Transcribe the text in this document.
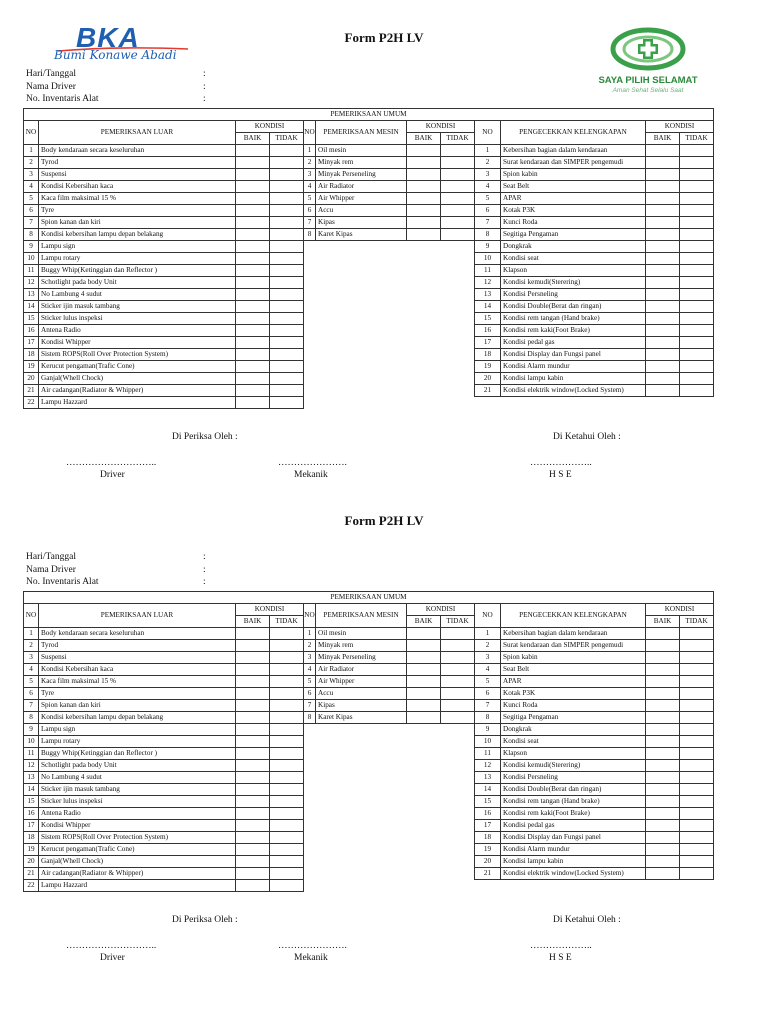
BKA
Bumi Konawe Abadi
Form P2H LV
SAYA PILIH SELAMAT
Aman Sehat Selalu Saat
Hari/Tanggal	:
Nama Driver	:
No. Inventaris Alat	:
PEMERIKSAAN UMUM											
NO	PEMERIKSAAN LUAR	KONDISI		NO	PEMERIKSAAN MESIN	KONDISI		NO	PENGECEKKAN KELENGKAPAN	KONDISI	
		BAIK	TIDAK			BAIK	TIDAK			BAIK	TIDAK
1	Body kendaraan secara keseluruhan			1	Oil mesin			1	Kebersihan bagian dalam kendaraan		
2	Tyrod			2	Minyak rem			2	Surat kendaraan dan SIMPER pengemudi		
3	Suspensi			3	Minyak Perseneling			3	Spion kabin		
4	Kondisi Kebersihan kaca			4	Air Radiator			4	Seat Belt		
5	Kaca film maksimal 15 %			5	Air Whipper			5	APAR		
6	Tyre			6	Accu			6	Kotak P3K		
7	Spion kanan dan kiri			7	Kipas			7	Kunci Roda		
8	Kondisi kebersihan lampu depan belakang			8	Karet Kipas			8	Segitiga Pengaman		
9	Lampu sign							9	Dongkrak		
10	Lampu rotary							10	Kondisi seat		
11	Buggy Whip(Ketinggian dan Reflector )							11	Klapson		
12	Schotlight pada body Unit							12	Kondisi kemudi(Sterering)		
13	No Lambung 4 sudut							13	Kondisi Persneling		
14	Sticker ijin masuk tambang							14	Kondisi Double(Berat dan ringan)		
15	Sticker lulus inspeksi							15	Kondisi rem tangan (Hand brake)		
16	Antena Radio							16	Kondisi rem kaki(Foot Brake)		
17	Kondisi Whipper							17	Kondisi pedal gas		
18	Sistem ROPS(Roll Over Protection System)							18	Kondisi Display dan Fungsi panel		
19	Kerucut pengaman(Trafic Cone)							19	Kondisi Alarm mundur		
20	Ganjal(Whell Chock)							20	Kondisi lampu kabin		
21	Air cadangan(Radiator & Whipper)							21	Kondisi elektrik window(Locked System)		
22	Lampu Hazzard										
Di Periksa Oleh :	Di Ketahui Oleh :
………………………..	………………….	………………..
Driver	Mekanik	H S E
Form P2H LV
Hari/Tanggal	:
Nama Driver	:
No. Inventaris Alat	:
PEMERIKSAAN UMUM											
NO	PEMERIKSAAN LUAR	KONDISI		NO	PEMERIKSAAN MESIN	KONDISI		NO	PENGECEKKAN KELENGKAPAN	KONDISI	
		BAIK	TIDAK			BAIK	TIDAK			BAIK	TIDAK
1	Body kendaraan secara keseluruhan			1	Oil mesin			1	Kebersihan bagian dalam kendaraan		
2	Tyrod			2	Minyak rem			2	Surat kendaraan dan SIMPER pengemudi		
3	Suspensi			3	Minyak Perseneling			3	Spion kabin		
4	Kondisi Kebersihan kaca			4	Air Radiator			4	Seat Belt		
5	Kaca film maksimal 15 %			5	Air Whipper			5	APAR		
6	Tyre			6	Accu			6	Kotak P3K		
7	Spion kanan dan kiri			7	Kipas			7	Kunci Roda		
8	Kondisi kebersihan lampu depan belakang			8	Karet Kipas			8	Segitiga Pengaman		
9	Lampu sign							9	Dongkrak		
10	Lampu rotary							10	Kondisi seat		
11	Buggy Whip(Ketinggian dan Reflector )							11	Klapson		
12	Schotlight pada body Unit							12	Kondisi kemudi(Sterering)		
13	No Lambung 4 sudut							13	Kondisi Persneling		
14	Sticker ijin masuk tambang							14	Kondisi Double(Berat dan ringan)		
15	Sticker lulus inspeksi							15	Kondisi rem tangan (Hand brake)		
16	Antena Radio							16	Kondisi rem kaki(Foot Brake)		
17	Kondisi Whipper							17	Kondisi pedal gas		
18	Sistem ROPS(Roll Over Protection System)							18	Kondisi Display dan Fungsi panel		
19	Kerucut pengaman(Trafic Cone)							19	Kondisi Alarm mundur		
20	Ganjal(Whell Chock)							20	Kondisi lampu kabin		
21	Air cadangan(Radiator & Whipper)							21	Kondisi elektrik window(Locked System)		
22	Lampu Hazzard										
Di Periksa Oleh :	Di Ketahui Oleh :
………………………..	………………….	………………..
Driver	Mekanik	H S E
